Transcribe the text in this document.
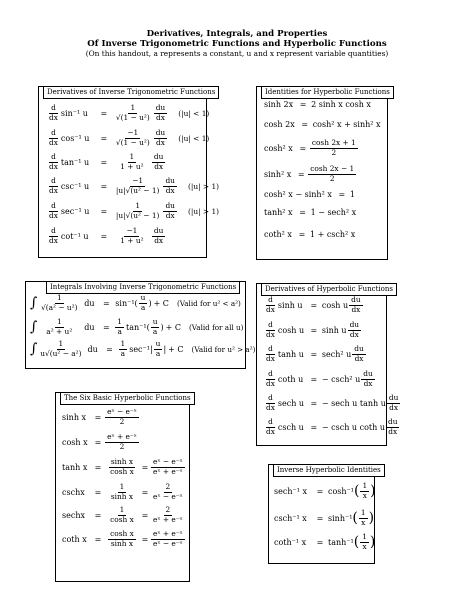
Derivatives, Integrals, and Properties
Of Inverse Trigonometric Functions and Hyperbolic Functions
(On this handout, a represents a constant, u and x represent variable quantities)
Derivatives of Inverse Trigonometric Functions
$\frac{d}{dx} \sin^{-1}$ u	= $\frac{1}{\text{√(1 − u²)}} \frac{du}{dx} (|u| < 1)$
$\frac{d}{dx} \cos^{-1}$ u	= $\frac{-1}{\text{√(1 − u²)}} \frac{du}{dx} (|u| < 1)$
$\frac{d}{dx} \tan^{-1}$ u	= $\frac{1}{\text{1 + u²}} \frac{du}{dx}$
$\frac{d}{dx} \csc^{-1}$ u	= $\frac{-1}{\text{|u|√(u² − 1)}} \frac{du}{dx} (|u| > 1)$
$\frac{d}{dx} \sec^{-1}$ u	= $\frac{1}{\text{|u|√(u² − 1)}} \frac{du}{dx} (|u| > 1)$
$\frac{d}{dx} \cot^{-1}$ u	= $\frac{-1}{\text{1 + u²}} \frac{du}{dx}$
Identities for Hyperbolic Functions
sinh 2x = 2 sinh x cosh x
cosh 2x = cosh² x + sinh² x
cosh² $x = \frac{\cosh 2x + 1}{2}$
sinh² $x = \frac{\cosh 2x - 1}{2}$
cosh² x − sinh² x = 1
tanh² x = 1 − sech² x
coth² x = 1 + csch² x
Integrals Involving Inverse Trigonometric Functions
∫ $\frac{1}{\text{√(a² − u²)}}$ du	= sin⁻¹ ( $\frac{u}{a}$ ) + C (Valid for u² < a²)
∫ $\frac{1}{\text{a² + u²}}$ du	= $\frac{1}{a} \tan^{-1}$ ( $\frac{u}{a}$ ) + C (Valid for all u)
∫ $\frac{1}{\text{u√(u² − a²)}}$ du	= $\frac{1}{a} \sec^{-1}$ | $\frac{u}{a}$ | + C (Valid for u² > a²)
Derivatives of Hyperbolic Functions
$\frac{d}{dx}$ sinh u = cosh u $\frac{du}{dx}$
$\frac{d}{dx}$ cosh u = sinh u $\frac{du}{dx}$
$\frac{d}{dx}$ tanh u = sech² u $\frac{du}{dx}$
$\frac{d}{dx}$ coth u = − csch² u $\frac{du}{dx}$
$\frac{d}{dx}$ sech u = − sech u tanh u $\frac{du}{dx}$
$\frac{d}{dx}$ csch u = − csch u coth u $\frac{du}{dx}$
The Six Basic Hyperbolic Functions
sinh x	= $\frac{\text{eˣ − e⁻ˣ}}{2}$
$\cosh x = \frac{\text{eˣ + e⁻ˣ}}{2}$
$\tanh x = \frac{\text{sinh x}}{\text{cosh x}} = \frac{\text{eˣ − e⁻ˣ}}{\text{eˣ + e⁻ˣ}}$
cschx	= $\frac{1}{\text{sinh x}} = \frac{2}{\text{eˣ − e⁻ˣ}}$
sechx	= $\frac{1}{\text{cosh x}} = \frac{2}{\text{eˣ + e⁻ˣ}}$
coth $x = \frac{\text{cosh x}}{\text{sinh x}} = \frac{\text{eˣ + e⁻ˣ}}{\text{eˣ − e⁻ˣ}}$
Inverse Hyperbolic Identities
sech⁻¹ x	= cosh⁻¹ ( $\frac{1}{x}$ )
csch⁻¹ x	= sinh⁻¹ ( $\frac{1}{x}$ )
coth⁻¹ x	= tanh⁻¹ ( $\frac{1}{x}$ )
